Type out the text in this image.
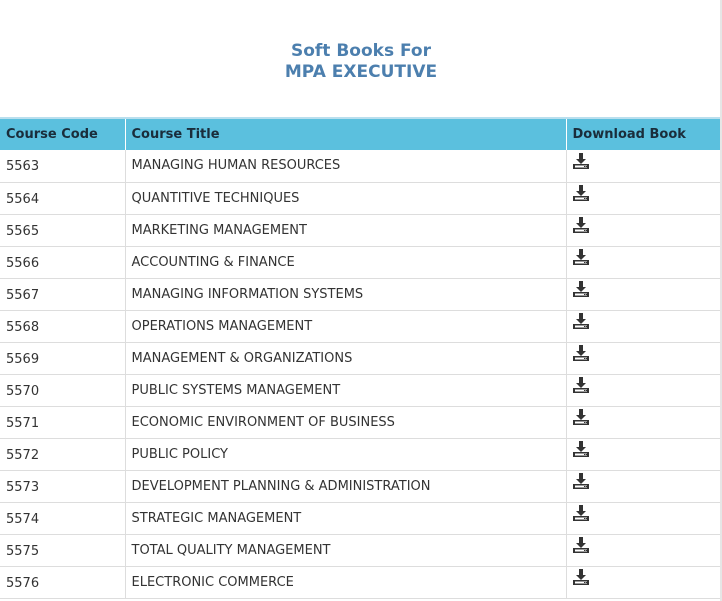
Soft Books For
MPA EXECUTIVE
Course Code	Course Title	Download Book
5563	MANAGING HUMAN RESOURCES	
5564	QUANTITIVE TECHNIQUES	
5565	MARKETING MANAGEMENT	
5566	ACCOUNTING & FINANCE	
5567	MANAGING INFORMATION SYSTEMS	
5568	OPERATIONS MANAGEMENT	
5569	MANAGEMENT & ORGANIZATIONS	
5570	PUBLIC SYSTEMS MANAGEMENT	
5571	ECONOMIC ENVIRONMENT OF BUSINESS	
5572	PUBLIC POLICY	
5573	DEVELOPMENT PLANNING & ADMINISTRATION	
5574	STRATEGIC MANAGEMENT	
5575	TOTAL QUALITY MANAGEMENT	
5576	ELECTRONIC COMMERCE	
